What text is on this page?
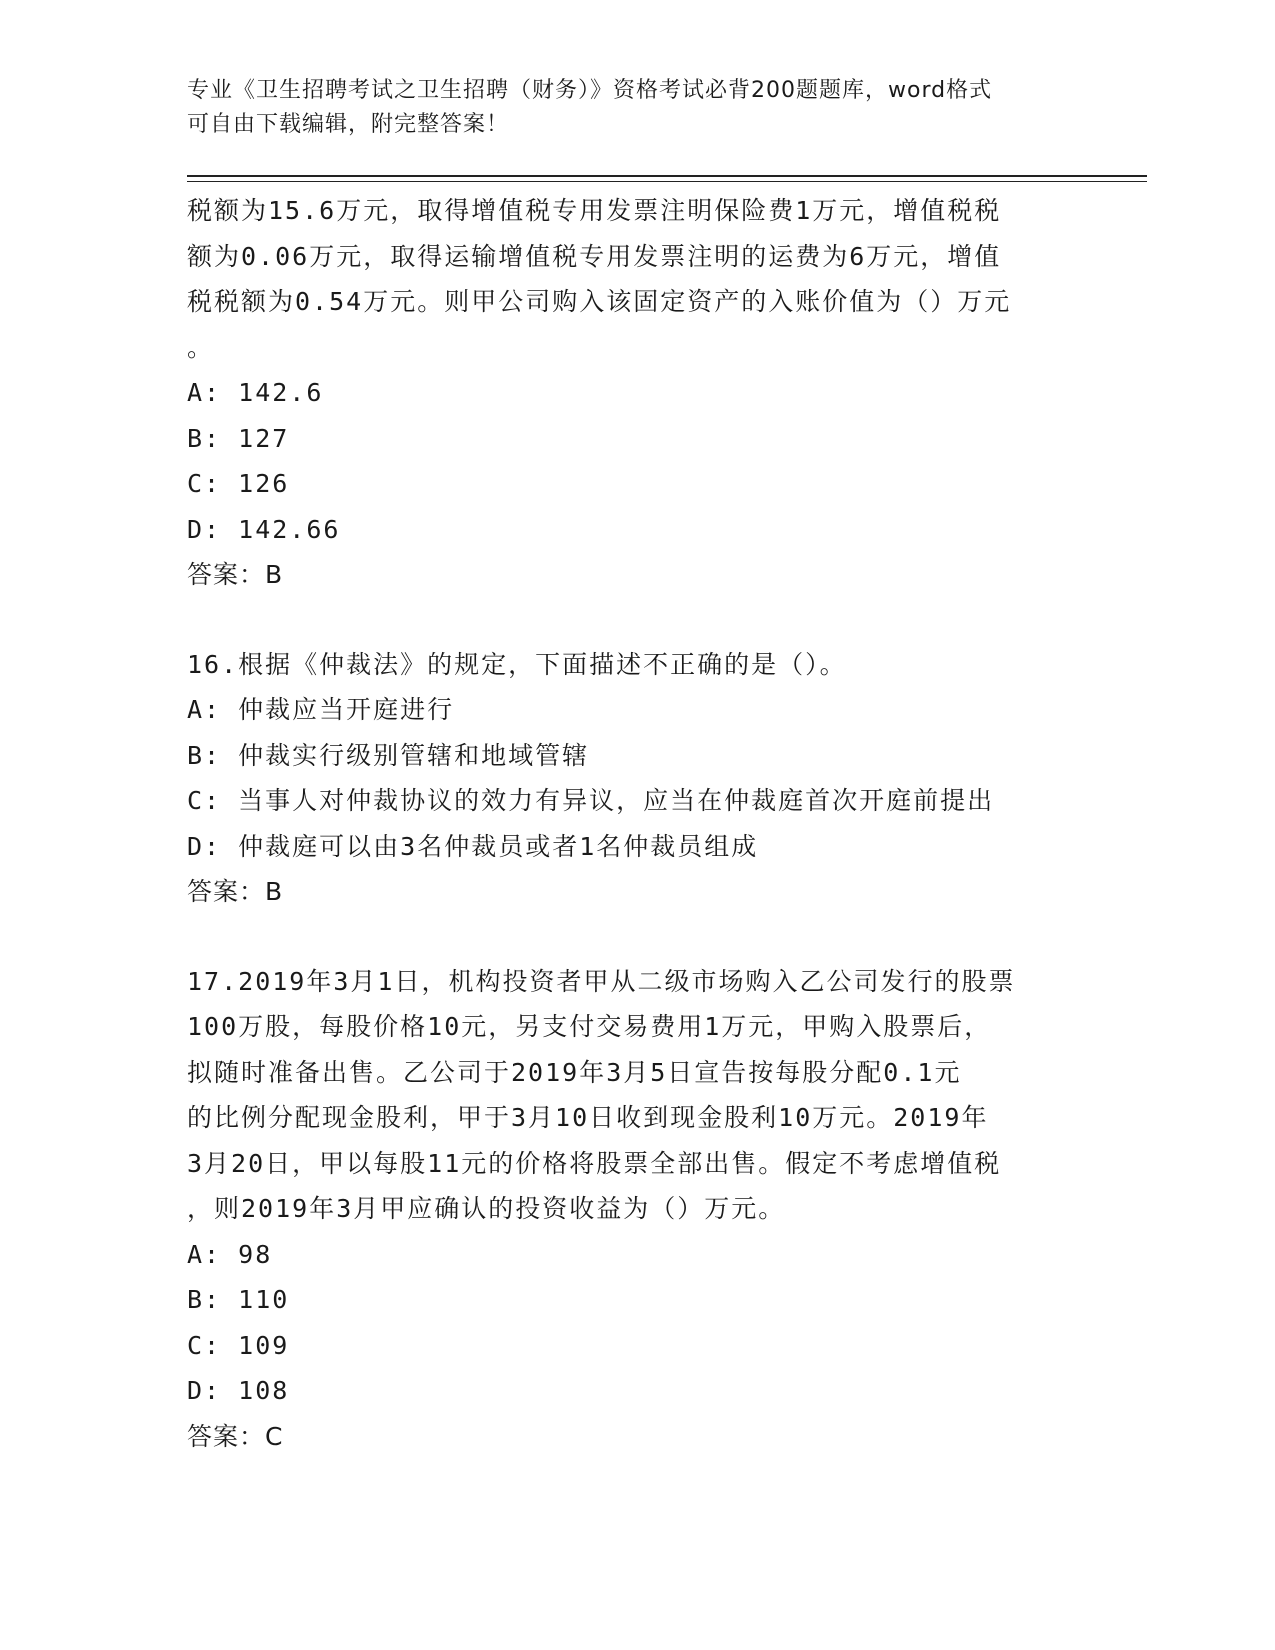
专业《卫生招聘考试之卫生招聘（财务）》资格考试必背200题题库，word格式
可自由下载编辑，附完整答案！
税额为15.6万元，取得增值税专用发票注明保险费1万元，增值税税
额为0.06万元，取得运输增值税专用发票注明的运费为6万元，增值
税税额为0.54万元。则甲公司购入该固定资产的入账价值为（）万元
。
A: 142.6
B: 127
C: 126
D: 142.66
答案：B
16.根据《仲裁法》的规定，下面描述不正确的是（）。
A: 仲裁应当开庭进行
B: 仲裁实行级别管辖和地域管辖
C: 当事人对仲裁协议的效力有异议，应当在仲裁庭首次开庭前提出
D: 仲裁庭可以由3名仲裁员或者1名仲裁员组成
答案：B
17.2019年3月1日，机构投资者甲从二级市场购入乙公司发行的股票
100万股，每股价格10元，另支付交易费用1万元，甲购入股票后，
拟随时准备出售。乙公司于2019年3月5日宣告按每股分配0.1元
的比例分配现金股利，甲于3月10日收到现金股利10万元。2019年
3月20日，甲以每股11元的价格将股票全部出售。假定不考虑增值税
，则2019年3月甲应确认的投资收益为（）万元。
A: 98
B: 110
C: 109
D: 108
答案：C
